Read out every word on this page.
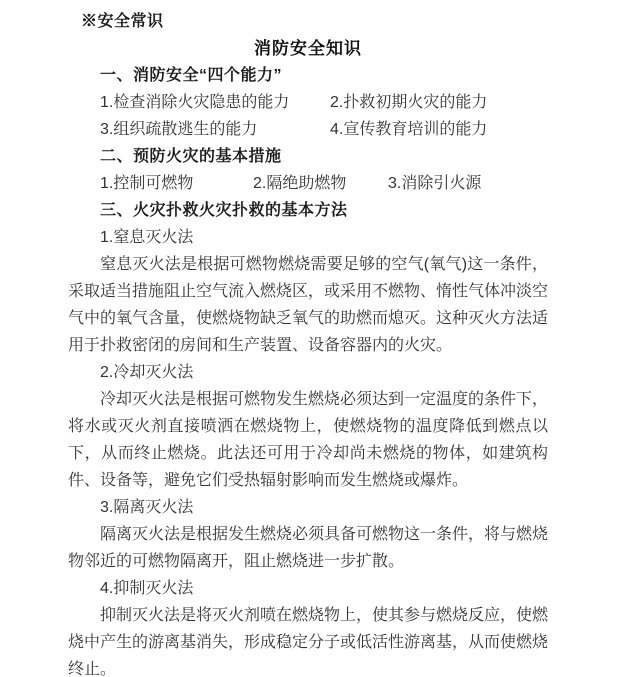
※安全常识
消防安全知识
一、消防安全“四个能力”
1.检查消除火灾隐患的能力	2.扑救初期火灾的能力
3.组织疏散逃生的能力	4.宣传教育培训的能力
二、预防火灾的基本措施
1.控制可燃物	2.隔绝助燃物	3.消除引火源
三、火灾扑救火灾扑救的基本方法
1.窒息灭火法

窒息灭火法是根据可燃物燃烧需要足够的空气(氧气)这一条件，采取适当措施阻止空气流入燃烧区，或采用不燃物、惰性气体冲淡空气中的氧气含量，使燃烧物缺乏氧气的助燃而熄灭。这种灭火方法适用于扑救密闭的房间和生产装置、设备容器内的火灾。

2.冷却灭火法

冷却灭火法是根据可燃物发生燃烧必须达到一定温度的条件下，将水或灭火剂直接喷洒在燃烧物上，使燃烧物的温度降低到燃点以下，从而终止燃烧。此法还可用于冷却尚未燃烧的物体，如建筑构件、设备等，避免它们受热辐射影响而发生燃烧或爆炸。

3.隔离灭火法

隔离灭火法是根据发生燃烧必须具备可燃物这一条件，将与燃烧物邻近的可燃物隔离开，阻止燃烧进一步扩散。

4.抑制灭火法

抑制灭火法是将灭火剂喷在燃烧物上，使其参与燃烧反应，使燃烧中产生的游离基消失，形成稳定分子或低活性游离基，从而使燃烧终止。
